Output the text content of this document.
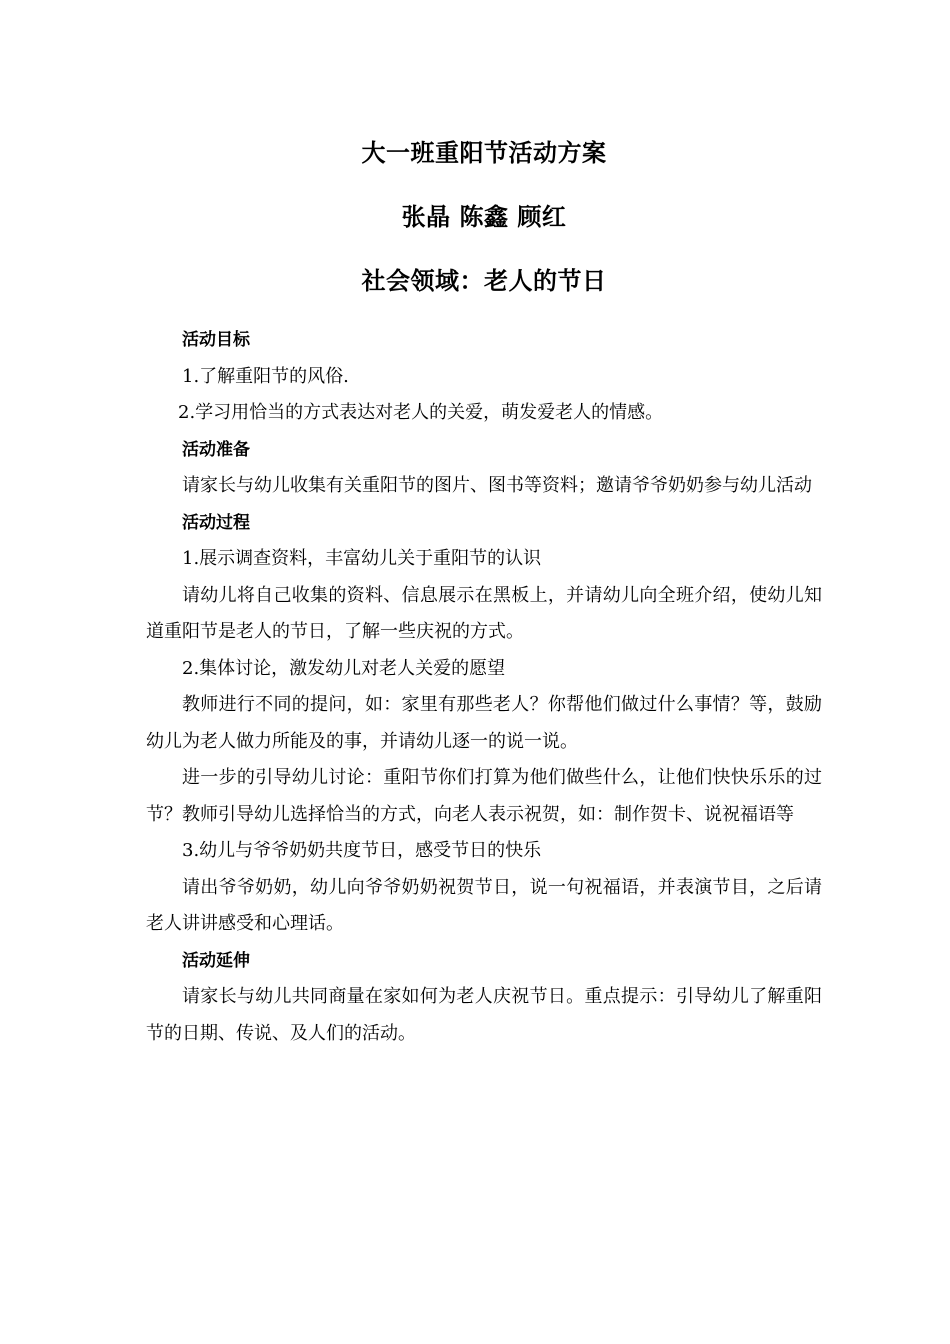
大一班重阳节活动方案
张晶 陈鑫 顾红
社会领域：老人的节日

活动目标

1.了解重阳节的风俗.

2.学习用恰当的方式表达对老人的关爱，萌发爱老人的情感。

活动准备

请家长与幼儿收集有关重阳节的图片、图书等资料；邀请爷爷奶奶参与幼儿活动

活动过程

1.展示调查资料，丰富幼儿关于重阳节的认识

请幼儿将自己收集的资料、信息展示在黑板上，并请幼儿向全班介绍，使幼儿知道重阳节是老人的节日，了解一些庆祝的方式。

2.集体讨论，激发幼儿对老人关爱的愿望

教师进行不同的提问，如：家里有那些老人？你帮他们做过什么事情？等，鼓励幼儿为老人做力所能及的事，并请幼儿逐一的说一说。

进一步的引导幼儿讨论：重阳节你们打算为他们做些什么，让他们快快乐乐的过节？教师引导幼儿选择恰当的方式，向老人表示祝贺，如：制作贺卡、说祝福语等

3.幼儿与爷爷奶奶共度节日，感受节日的快乐

请出爷爷奶奶，幼儿向爷爷奶奶祝贺节日，说一句祝福语，并表演节目，之后请老人讲讲感受和心理话。

活动延伸

请家长与幼儿共同商量在家如何为老人庆祝节日。重点提示：引导幼儿了解重阳节的日期、传说、及人们的活动。
